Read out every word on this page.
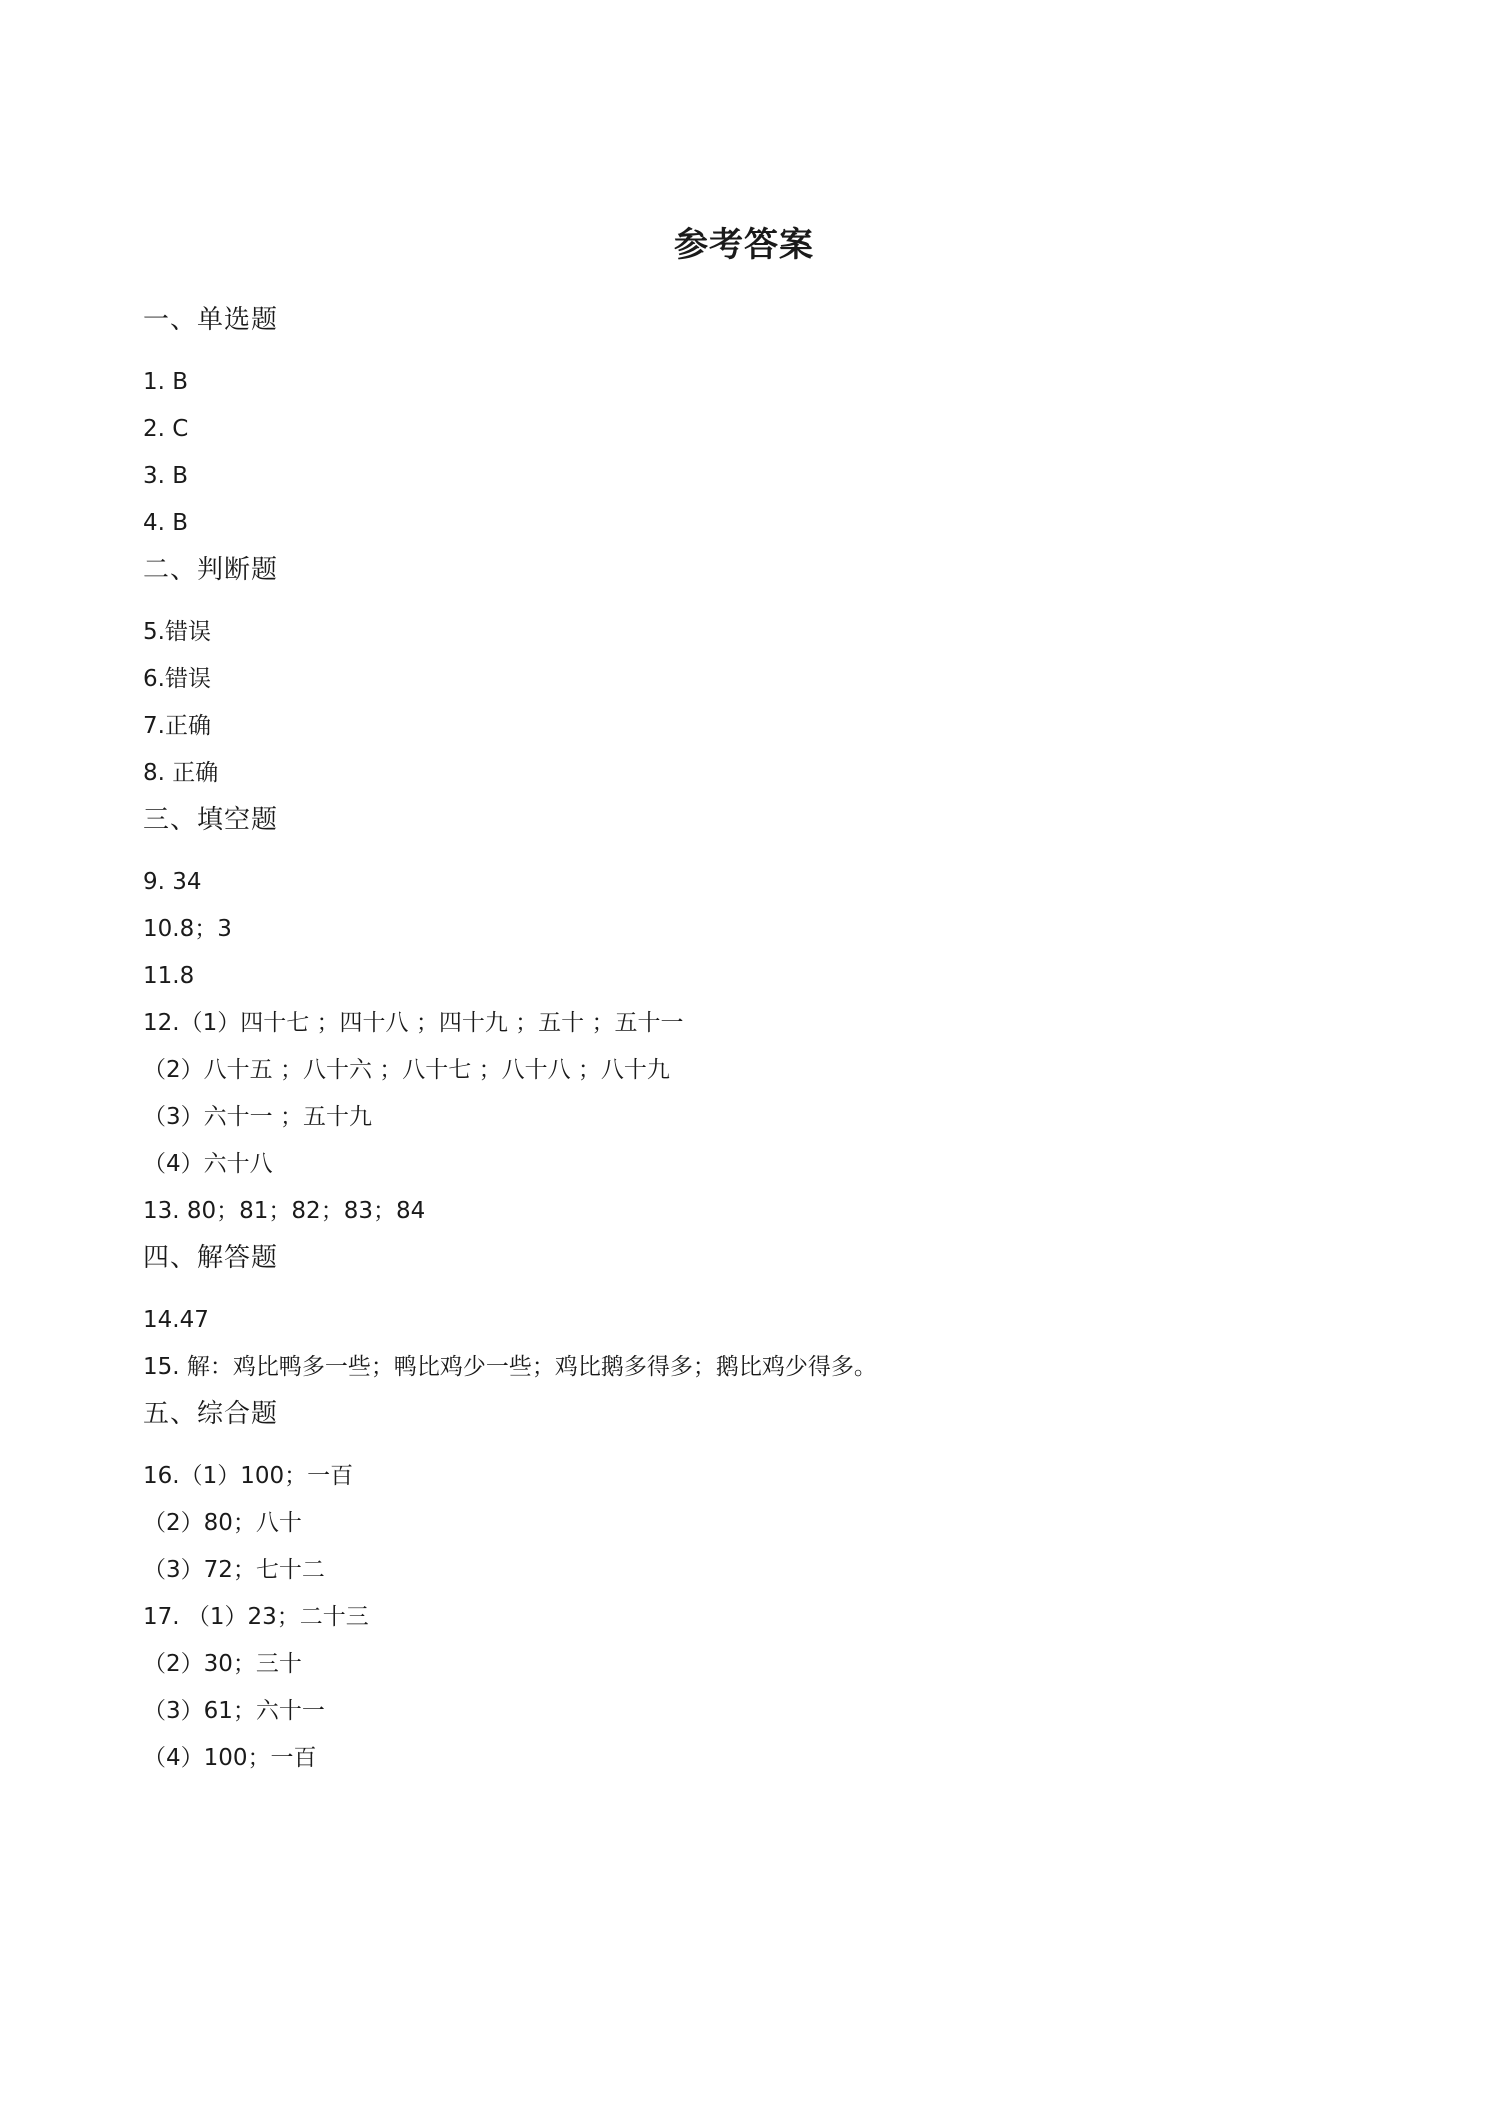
参考答案
一、单选题
1. B
2. C
3. B
4. B
二、判断题
5.错误
6.错误
7.正确
8. 正确
三、填空题
9. 34
10.8；3
11.8
12.（1）四十七 ；四十八 ；四十九 ；五十 ；五十一
（2）八十五 ；八十六 ；八十七 ；八十八 ；八十九
（3）六十一 ；五十九
（4）六十八
13. 80；81；82；83；84
四、解答题
14.47
15. 解：鸡比鸭多一些；鸭比鸡少一些；鸡比鹅多得多；鹅比鸡少得多。
五、综合题
16.（1）100；一百
（2）80；八十
（3）72；七十二
17. （1）23；二十三
（2）30；三十
（3）61；六十一
（4）100；一百
